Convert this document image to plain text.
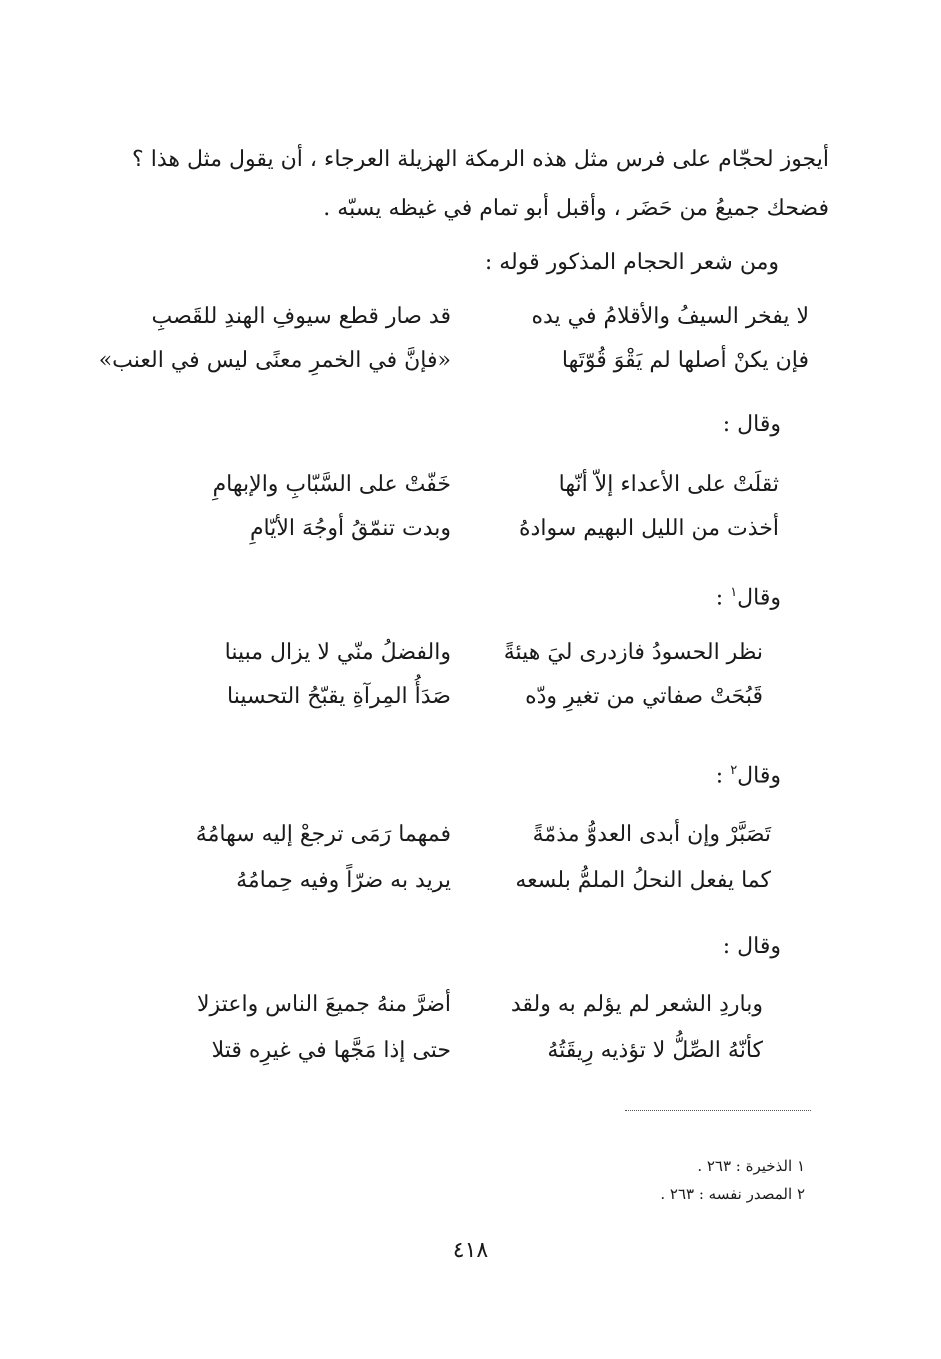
أيجوز لحجّام على فرس مثل هذه الرمكة الهزيلة العرجاء ، أن يقول مثل هذا ؟
فضحك جميعُ من حَضَر ، وأقبل أبو تمام في غيظه يسبّه .
ومن شعر الحجام المذكور قوله :
لا يفخر السيفُ والأقلامُ في يده
قد صار قطع سيوفِ الهندِ للقَصبِ
فإن يكنْ أصلها لم يَقْوَ قُوّتَها
«فإنَّ في الخمرِ معنًى ليس في العنب»
وقال :
ثقلَتْ على الأعداء إلاّ أنّها
خَفّتْ على السَّبّابِ والإبهامِ
أخذت من الليل البهيم سوادهُ
وبدت تنمّقُ أوجُهَ الأيّامِ
وقال$^١$ :
نظر الحسودُ فازدرى ليَ هيئةً
والفضلُ منّي لا يزال مبينا
قَبُحَتْ صفاتي من تغيرِ ودّه
صَدَأُ المِرآةِ يقبّحُ التحسينا
وقال$^٢$ :
تَصَبَّرْ وإن أبدى العدوُّ مذمّةً
فمهما رَمَى ترجعْ إليه سهامُهُ
كما يفعل النحلُ الملمُّ بلسعه
يريد به ضرّاً وفيه حِمامُهُ
وقال :
وباردِ الشعر لم يؤلم به ولقد
أضرَّ منهُ جميعَ الناس واعتزلا
كأنّهُ الصِّلُّ لا تؤذيه رِيقَتُهُ
حتى إذا مَجَّها في غيرِه قتلا
١ الذخيرة : ٢٦٣ .
٢ المصدر نفسه : ٢٦٣ .
٤١٨
